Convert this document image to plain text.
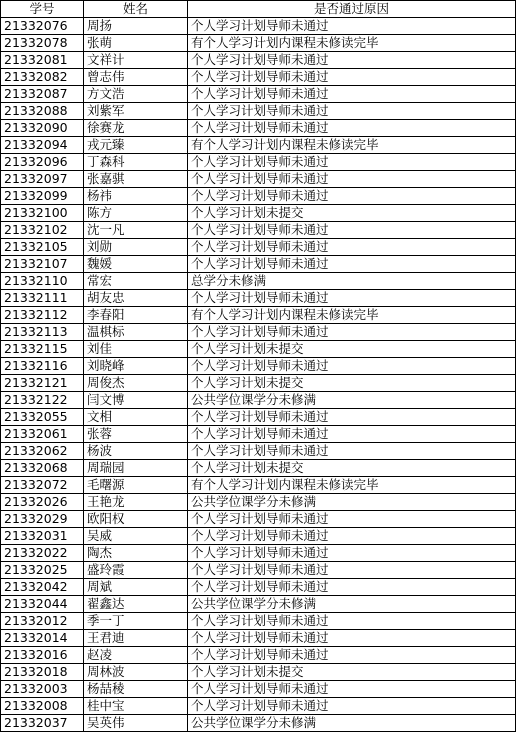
学号	姓名	是否通过原因
21332076	周扬	个人学习计划导师未通过
21332078	张萌	有个人学习计划内课程未修读完毕
21332081	文祥计	个人学习计划导师未通过
21332082	曾志伟	个人学习计划导师未通过
21332087	方文浩	个人学习计划导师未通过
21332088	刘紫军	个人学习计划导师未通过
21332090	徐赛龙	个人学习计划导师未通过
21332094	戎元臻	有个人学习计划内课程未修读完毕
21332096	丁森科	个人学习计划导师未通过
21332097	张嘉骐	个人学习计划导师未通过
21332099	杨祎	个人学习计划导师未通过
21332100	陈方	个人学习计划未提交
21332102	沈一凡	个人学习计划导师未通过
21332105	刘勋	个人学习计划导师未通过
21332107	魏媛	个人学习计划导师未通过
21332110	常宏	总学分未修满
21332111	胡友忠	个人学习计划导师未通过
21332112	李春阳	有个人学习计划内课程未修读完毕
21332113	温棋标	个人学习计划导师未通过
21332115	刘佳	个人学习计划未提交
21332116	刘晓峰	个人学习计划导师未通过
21332121	周俊杰	个人学习计划未提交
21332122	闫文博	公共学位课学分未修满
21332055	文相	个人学习计划导师未通过
21332061	张蓉	个人学习计划导师未通过
21332062	杨波	个人学习计划导师未通过
21332068	周瑞园	个人学习计划未提交
21332072	毛曙源	有个人学习计划内课程未修读完毕
21332026	王艳龙	公共学位课学分未修满
21332029	欧阳权	个人学习计划导师未通过
21332031	吴威	个人学习计划导师未通过
21332022	陶杰	个人学习计划导师未通过
21332025	盛玲霞	个人学习计划导师未通过
21332042	周斌	个人学习计划导师未通过
21332044	翟鑫达	公共学位课学分未修满
21332012	季一丁	个人学习计划导师未通过
21332014	王君迪	个人学习计划导师未通过
21332016	赵凌	个人学习计划导师未通过
21332018	周林波	个人学习计划未提交
21332003	杨喆稜	个人学习计划导师未通过
21332008	桂中宝	个人学习计划导师未通过
21332037	吴英伟	公共学位课学分未修满
